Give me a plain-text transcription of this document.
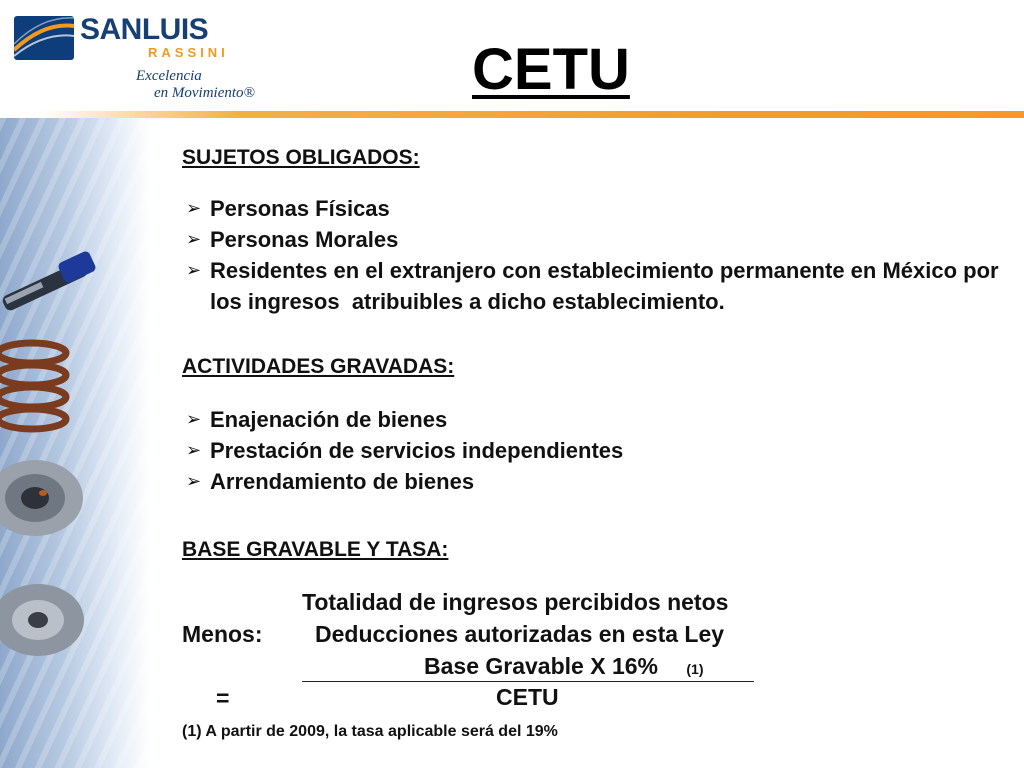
SANLUIS
RASSINI
Excelencia
en Movimiento®	CETU
SUJETOS OBLIGADOS:
➢ Personas Físicas
➢ Personas Morales
➢ Residentes en el extranjero con establecimiento permanente en México por   los ingresos  atribuibles a dicho establecimiento.
ACTIVIDADES GRAVADAS:
➢ Enajenación de bienes
➢ Prestación de servicios independientes
➢ Arrendamiento de bienes
BASE GRAVABLE Y TASA:
Totalidad de ingresos percibidos netos
Menos: Deducciones autorizadas en esta Ley
Base Gravable X 16% (1)
=	CETU
(1) A partir de 2009, la tasa aplicable será del 19%
